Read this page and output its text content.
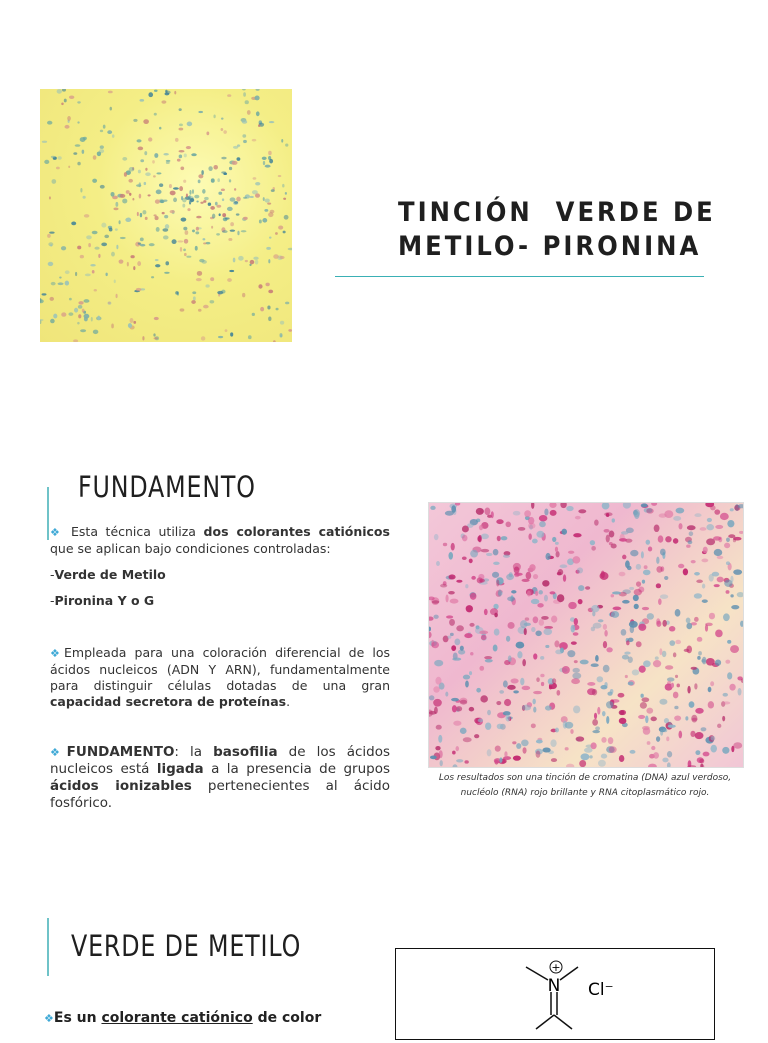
TINCIÓN  VERDE DE
METILO- PIRONINA
FUNDAMENTO

❖ Esta técnica utiliza dos colorantes catiónicos que se aplican bajo condiciones controladas:

-Verde de Metilo

-Pironina Y o G

❖Empleada para una coloración diferencial de los ácidos nucleicos (ADN Y ARN), fundamentalmente para distinguir células dotadas de una gran capacidad secretora de proteínas.

❖FUNDAMENTO: la basofilia de los ácidos nucleicos está ligada a la presencia de grupos ácidos ionizables pertenecientes al ácido fosfórico.

Los resultados son una tinción de cromatina (DNA) azul verdoso, nucléolo (RNA) rojo brillante y RNA citoplasmático rojo.
VERDE DE METILO
❖Es un colorante catiónico de color
+
N Cl⁻
